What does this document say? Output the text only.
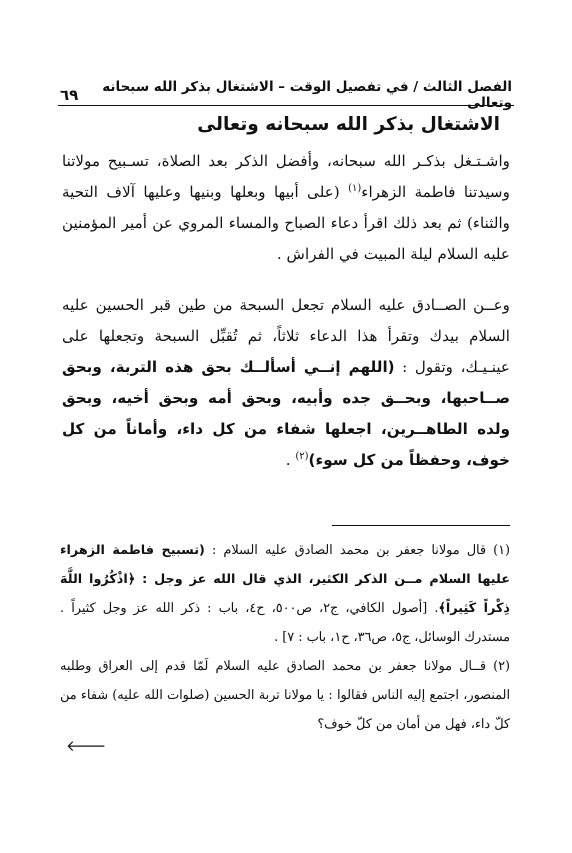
الفصل الثالث / في تفصيل الوقت – الاشتغال بذكر الله سبحانه وتعالى
٦٩
الاشتغال بذكر الله سبحانه وتعالى
واشـتـغل بذكـر الله سبحانه، وأفضل الذكر بعد الصلاة، تسـبيح مولاتنا وسيدتنا فاطمة الزهراء$^{(١)}$ (على أبيها وبعلها وبنيها وعليها آلاف التحية والثناء) ثم بعد ذلك اقرأ دعاء الصباح والمساء المروي عن أمير المؤمنين عليه السلام ليلة المبيت في الفراش .
وعــن الصــادق عليه السلام تجعل السبحة من طين قبر الحسين عليه السلام بيدك وتقرأ هذا الدعاء ثلاثاً، ثم تُقبِّل السبحة وتجعلها على عينـيـك، وتقول : (اللهم إنــي أسألــك بحق هذه التربة، وبحق صــاحبها، وبحــق جده وأبيه، وبحق أمه وبحق أخيه، وبحق ولده الطاهــرين، اجعلها شفاء من كل داء، وأماناً من كل خوف، وحفظاً من كل سوء)$^{(٢)}$ .
(١) قال مولانا جعفر بن محمد الصادق عليه السلام : (تسبيح فاطمة الزهراء عليها السلام مــن الذكر الكثير، الذي قال الله عز وجل : ﴿اذْكُرُوا اللَّهَ ذِكْراً كَثِيراً﴾. [أصول الكافي، ج٢، ص٥٠٠، ح٤، باب : ذكر الله عز وجل كثيراً . مستدرك الوسائل، ج٥، ص٣٦، ح١، باب : ٧] .
(٢) قــال مولانا جعفر بن محمد الصادق عليه السلام لَمّا قدم إلى العراق وطلبه المنصور، اجتمع إليه الناس فقالوا : يا مولانا تربة الحسين (صلوات الله عليه) شفاء من كلّ داء، فهل من أمان من كلّ خوف؟
🡐
